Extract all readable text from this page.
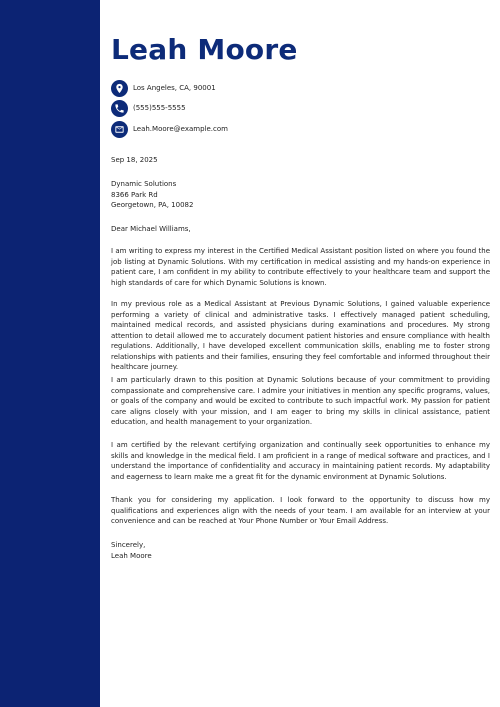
Leah Moore
Los Angeles, CA, 90001
(555)555-5555
Leah.Moore@example.com
Sep 18, 2025
Dynamic Solutions
8366 Park Rd
Georgetown, PA, 10082
Dear Michael Williams,

I am writing to express my interest in the Certified Medical Assistant position listed on where you found the job listing at Dynamic Solutions. With my certification in medical assisting and my hands-on experience in patient care, I am confident in my ability to contribute effectively to your healthcare team and support the high standards of care for which Dynamic Solutions is known.

In my previous role as a Medical Assistant at Previous Dynamic Solutions, I gained valuable experience performing a variety of clinical and administrative tasks. I effectively managed patient scheduling, maintained medical records, and assisted physicians during examinations and procedures. My strong attention to detail allowed me to accurately document patient histories and ensure compliance with health regulations. Additionally, I have developed excellent communication skills, enabling me to foster strong relationships with patients and their families, ensuring they feel comfortable and informed throughout their healthcare journey.

I am particularly drawn to this position at Dynamic Solutions because of your commitment to providing compassionate and comprehensive care. I admire your initiatives in mention any specific programs, values, or goals of the company and would be excited to contribute to such impactful work. My passion for patient care aligns closely with your mission, and I am eager to bring my skills in clinical assistance, patient education, and health management to your organization.

I am certified by the relevant certifying organization and continually seek opportunities to enhance my skills and knowledge in the medical field. I am proficient in a range of medical software and practices, and I understand the importance of confidentiality and accuracy in maintaining patient records. My adaptability and eagerness to learn make me a great fit for the dynamic environment at Dynamic Solutions.

Thank you for considering my application. I look forward to the opportunity to discuss how my qualifications and experiences align with the needs of your team. I am available for an interview at your convenience and can be reached at Your Phone Number or Your Email Address.

Sincerely,
Leah Moore
